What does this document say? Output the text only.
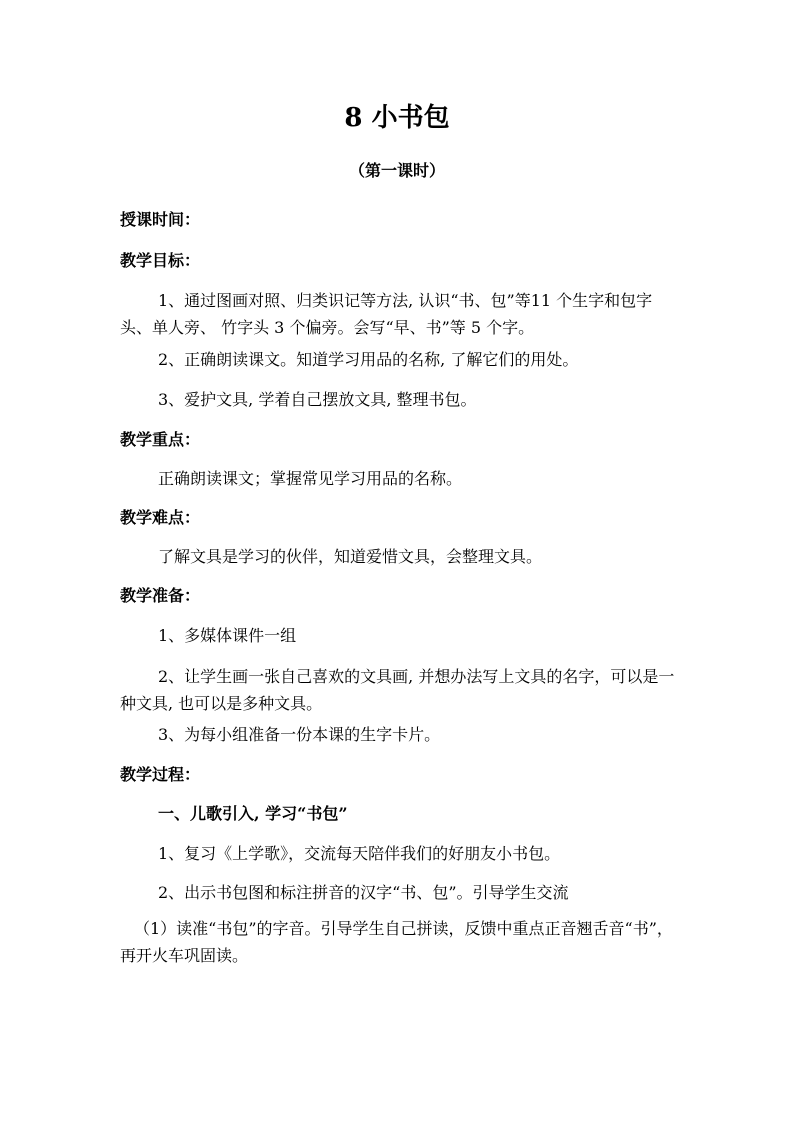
8 小书包
（第一课时）
授课时间：
教学目标：
1、通过图画对照、归类识记等方法, 认识“书、包”等11 个生字和包字头、单人旁、 竹字头 3 个偏旁。会写“早、书”等 5 个字。
2、正确朗读课文。知道学习用品的名称, 了解它们的用处。
3、爱护文具, 学着自己摆放文具, 整理书包。
教学重点：
正确朗读课文；掌握常见学习用品的名称。
教学难点：
了解文具是学习的伙伴，知道爱惜文具，会整理文具。
教学准备：
1、多媒体课件一组
2、让学生画一张自己喜欢的文具画, 并想办法写上文具的名字，可以是一种文具, 也可以是多种文具。
3、为每小组准备一份本课的生字卡片。
教学过程：
一、儿歌引入, 学习“书包”
1、复习《上学歌》，交流每天陪伴我们的好朋友小书包。
2、出示书包图和标注拼音的汉字“书、包”。引导学生交流
（1）读准“书包”的字音。引导学生自己拼读，反馈中重点正音翘舌音“书”，再开火车巩固读。
